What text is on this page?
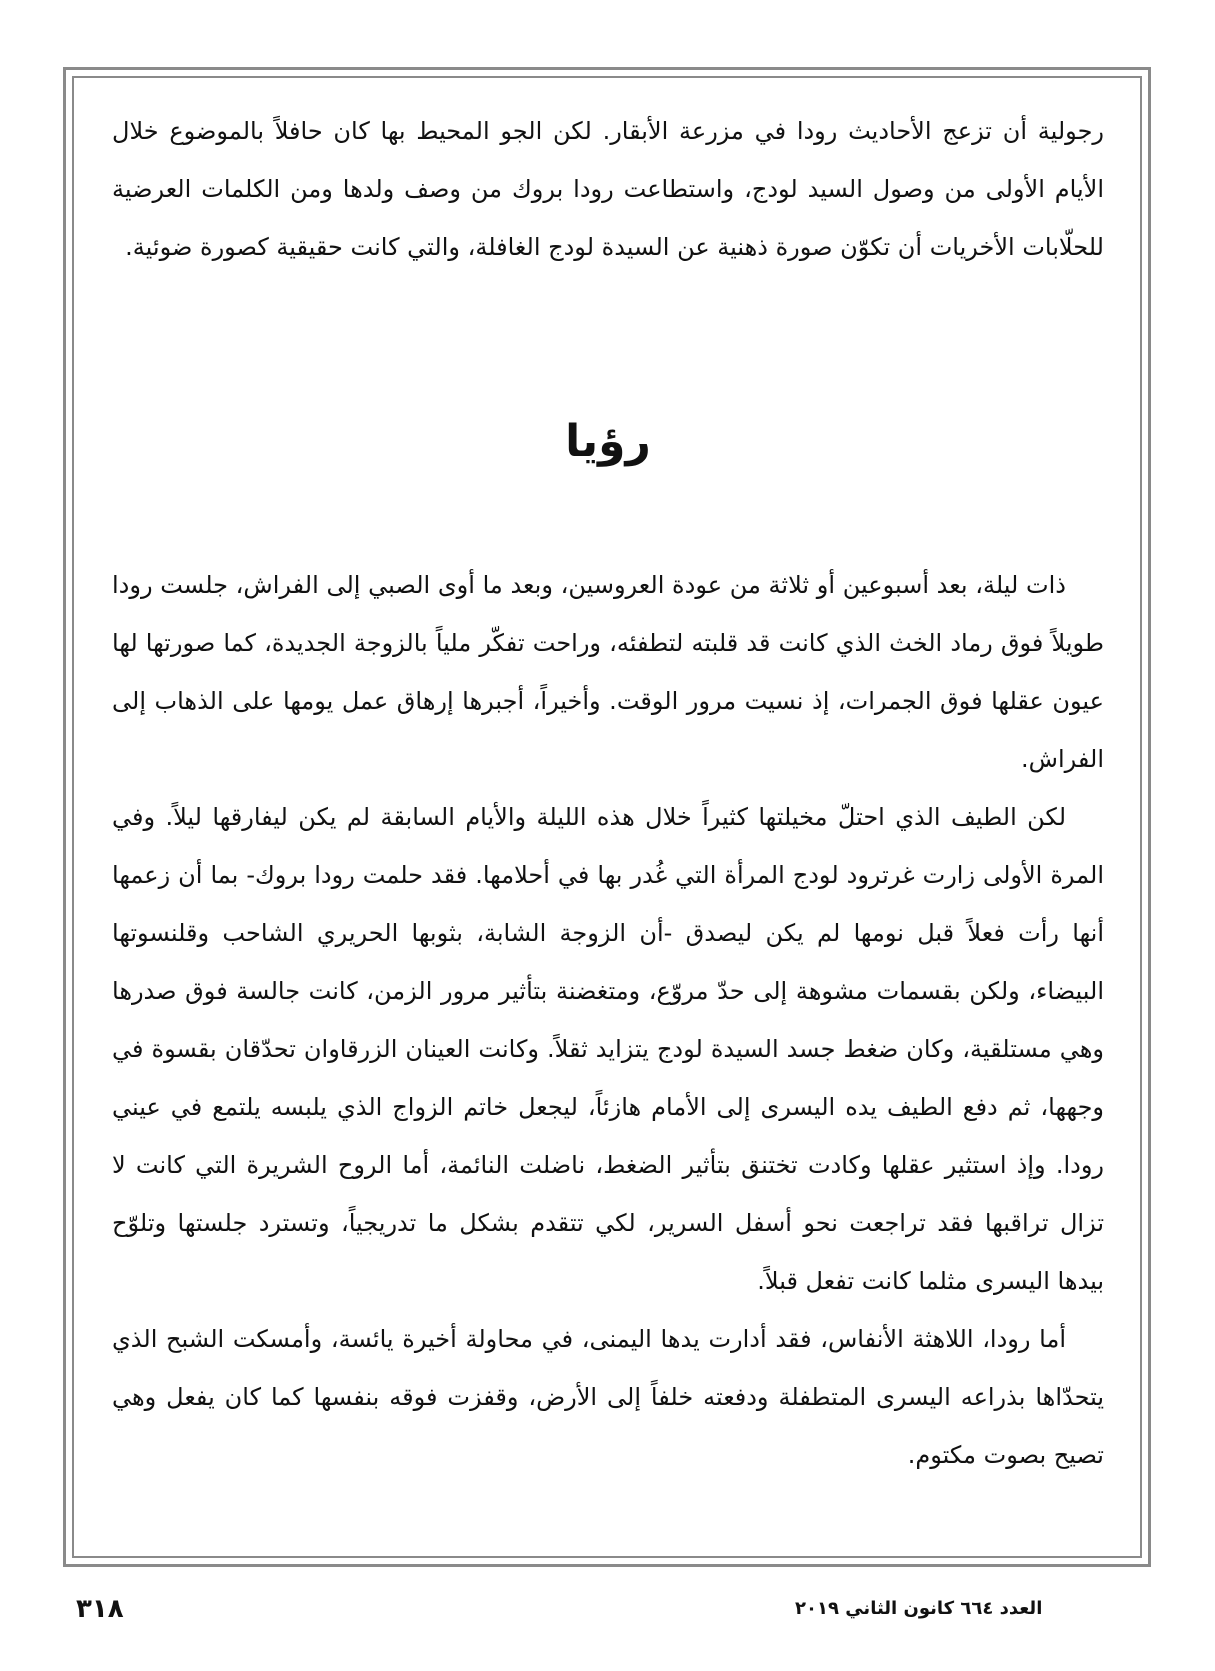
رجولية أن تزعج الأحاديث رودا في مزرعة الأبقار. لكن الجو المحيط بها كان حافلاً بالموضوع خلال الأيام الأولى من وصول السيد لودج، واستطاعت رودا بروك من وصف ولدها ومن الكلمات العرضية للحلّابات الأخريات أن تكوّن صورة ذهنية عن السيدة لودج الغافلة، والتي كانت حقيقية كصورة ضوئية.

رؤيا

ذات ليلة، بعد أسبوعين أو ثلاثة من عودة العروسين، وبعد ما أوى الصبي إلى الفراش، جلست رودا طويلاً فوق رماد الخث الذي كانت قد قلبته لتطفئه، وراحت تفكّر ملياً بالزوجة الجديدة، كما صورتها لها عيون عقلها فوق الجمرات، إذ نسيت مرور الوقت. وأخيراً، أجبرها إرهاق عمل يومها على الذهاب إلى الفراش.

لكن الطيف الذي احتلّ مخيلتها كثيراً خلال هذه الليلة والأيام السابقة لم يكن ليفارقها ليلاً. وفي المرة الأولى زارت غرترود لودج المرأة التي غُدر بها في أحلامها. فقد حلمت رودا بروك- بما أن زعمها أنها رأت فعلاً قبل نومها لم يكن ليصدق -أن الزوجة الشابة، بثوبها الحريري الشاحب وقلنسوتها البيضاء، ولكن بقسمات مشوهة إلى حدّ مروّع، ومتغضنة بتأثير مرور الزمن، كانت جالسة فوق صدرها وهي مستلقية، وكان ضغط جسد السيدة لودج يتزايد ثقلاً. وكانت العينان الزرقاوان تحدّقان بقسوة في وجهها، ثم دفع الطيف يده اليسرى إلى الأمام هازئاً، ليجعل خاتم الزواج الذي يلبسه يلتمع في عيني رودا. وإذ استثير عقلها وكادت تختنق بتأثير الضغط، ناضلت النائمة، أما الروح الشريرة التي كانت لا تزال تراقبها فقد تراجعت نحو أسفل السرير، لكي تتقدم بشكل ما تدريجياً، وتسترد جلستها وتلوّح بيدها اليسرى مثلما كانت تفعل قبلاً.

أما رودا، اللاهثة الأنفاس، فقد أدارت يدها اليمنى، في محاولة أخيرة يائسة، وأمسكت الشبح الذي يتحدّاها بذراعه اليسرى المتطفلة ودفعته خلفاً إلى الأرض، وقفزت فوقه بنفسها كما كان يفعل وهي تصيح بصوت مكتوم.

٣١٨	العدد ٦٦٤ كانون الثاني ٢٠١٩
